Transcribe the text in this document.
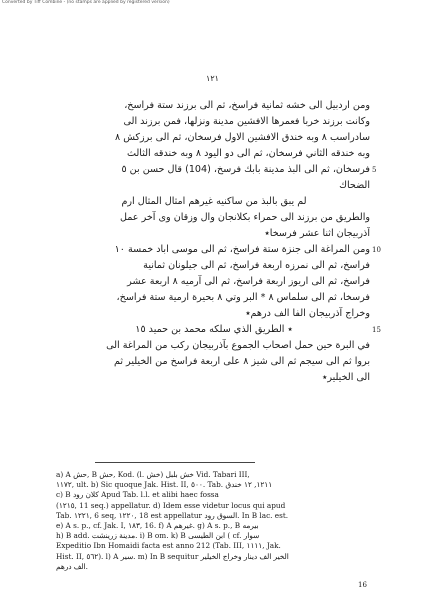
Converted by Tiff Combine - (no stamps are applied by registered version)
١٢١
ومن اردبيل الى خشه ثمانية فراسخ، ثم الى برزند ستة فراسخ،
وكانت برزند خربا فعمرها الافشين مدينة ونزلها، فمن برزند الى
سادراسب ٨ وبه خندق الافشين الاول فرسخان، ثم الى برزكش ٨
وبه خندقه الثاني فرسخان، ثم الى دو اليود ٨ وبه خندقه الثالث
فرسخان، ثم الى البذ مدينة بابك فرسخ، (104) قال حسن بن ٥
الضحاك
لم يبق بالبذ من ساكنيه غيرهم امثال المثال ارم
والطريق من برزند الى حمراء بكلانجان وال وزقان وى آخر عمل
آذربيجان اثنا عشر فرسخا٭
ومن المراغة الى جنزة ستة فراسخ، ثم الى موسى اباد خمسة ١٠
فراسخ، ثم الى نمرزه اربعة فراسخ، ثم الى جيلونان ثمانية
فراسخ، ثم الى اريوز اربعة فراسخ، ثم الى آرميه ٨ اربعة عشر
فرسخا، ثم الى سلماس ٨ * البر وتي ٨ بحيرة ارمية ستة فراسخ،
وخراج آذربيجان الفا الف درهم٭
٭ الطريق الذي سلكه محمد بن حميد ١٥
في البرة حين حمل اصحاب الجموع بآذربيجان ركب من المراغة الى
بروا ثم الى سيجم ثم الى شيز ٨ على اربعة فراسخ من الخيلير ثم
الى الخيلير٭
5
10
15
a) A حش, B حش, Kod. (l. خش) خش بلبل Vid. Tabari III,
١١٧٢, ult. b) Sic quoque Jak. Hist. II, ٥٠٠. Tab. ١٢١١, ١٢ خندق
c) B كلان رود Apud Tab. l.l. et alibi haec fossa
(١٢١٥, 11 seq.) appellatur. d) Idem esse videtur locus qui apud
Tab. ١٢٢١, 6 seq, ١٢٢٠, 18 est appellatur السوق رود. In B lac. est.
e) A s. p., cf. Jak. I, ١٨٣, 16. f) A غيرهم. g) A s. p., B بيرمه
h) B add. مدينة زرينشت. i) B om. k) B ابن الطيسى ( cf. سوار
Expeditio Ibn Homaidi facta est anno 212 (Tab. III, ١١١١, Jak.
Hist. II, ٥٦٢). l) A سير. m) In B sequitur الخير الف دينار وخراج الخيلير
الف درهم.
16
